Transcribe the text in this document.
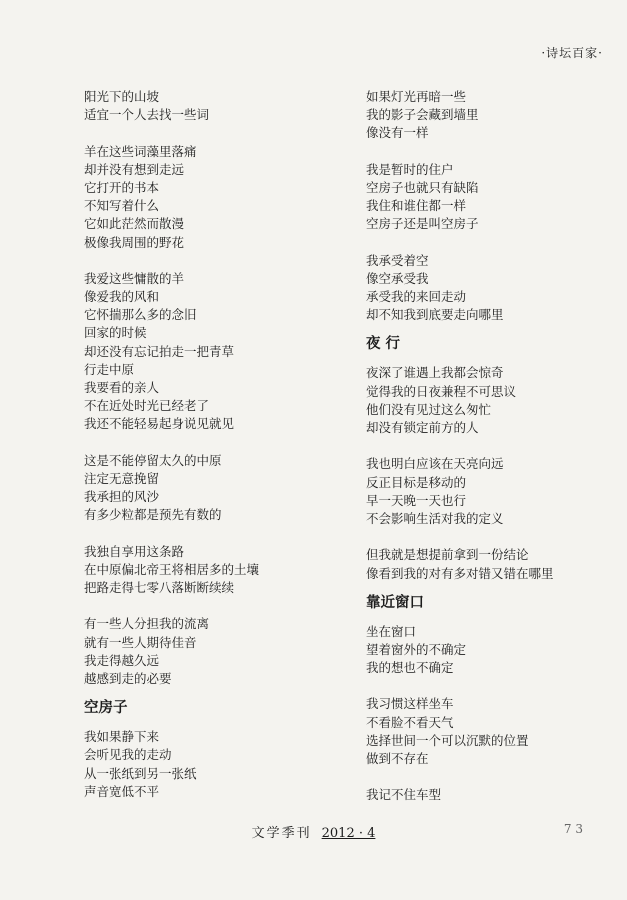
·诗坛百家·
阳光下的山坡
适宜一个人去找一些词
羊在这些词藻里落痛
却并没有想到走远
它打开的书本
不知写着什么
它如此茫然而散漫
极像我周围的野花
我爱这些慵散的羊
像爱我的风和
它怀揣那么多的念旧
回家的时候
却还没有忘记拍走一把青草
行走中原
我要看的亲人
不在近处时光已经老了
我还不能轻易起身说见就见
这是不能停留太久的中原
注定无意挽留
我承担的风沙
有多少粒都是预先有数的
我独自享用这条路
在中原偏北帝王将相居多的土壤
把路走得七零八落断断续续
有一些人分担我的流离
就有一些人期待佳音
我走得越久远
越感到走的必要
空房子
我如果静下来
会听见我的走动
从一张纸到另一张纸
声音宽低不平
如果灯光再暗一些
我的影子会藏到墙里
像没有一样
我是暂时的住户
空房子也就只有缺陷
我住和谁住都一样
空房子还是叫空房子
我承受着空
像空承受我
承受我的来回走动
却不知我到底要走向哪里
夜 行
夜深了谁遇上我都会惊奇
觉得我的日夜兼程不可思议
他们没有见过这么匆忙
却没有锁定前方的人
我也明白应该在天亮向远
反正目标是移动的
早一天晚一天也行
不会影响生活对我的定义
但我就是想提前拿到一份结论
像看到我的对有多对错又错在哪里
靠近窗口
坐在窗口
望着窗外的不确定
我的想也不确定
我习惯这样坐车
不看脸不看天气
选择世间一个可以沉默的位置
做到不存在
我记不住车型
文学季刊 2012 · 4	7 3
